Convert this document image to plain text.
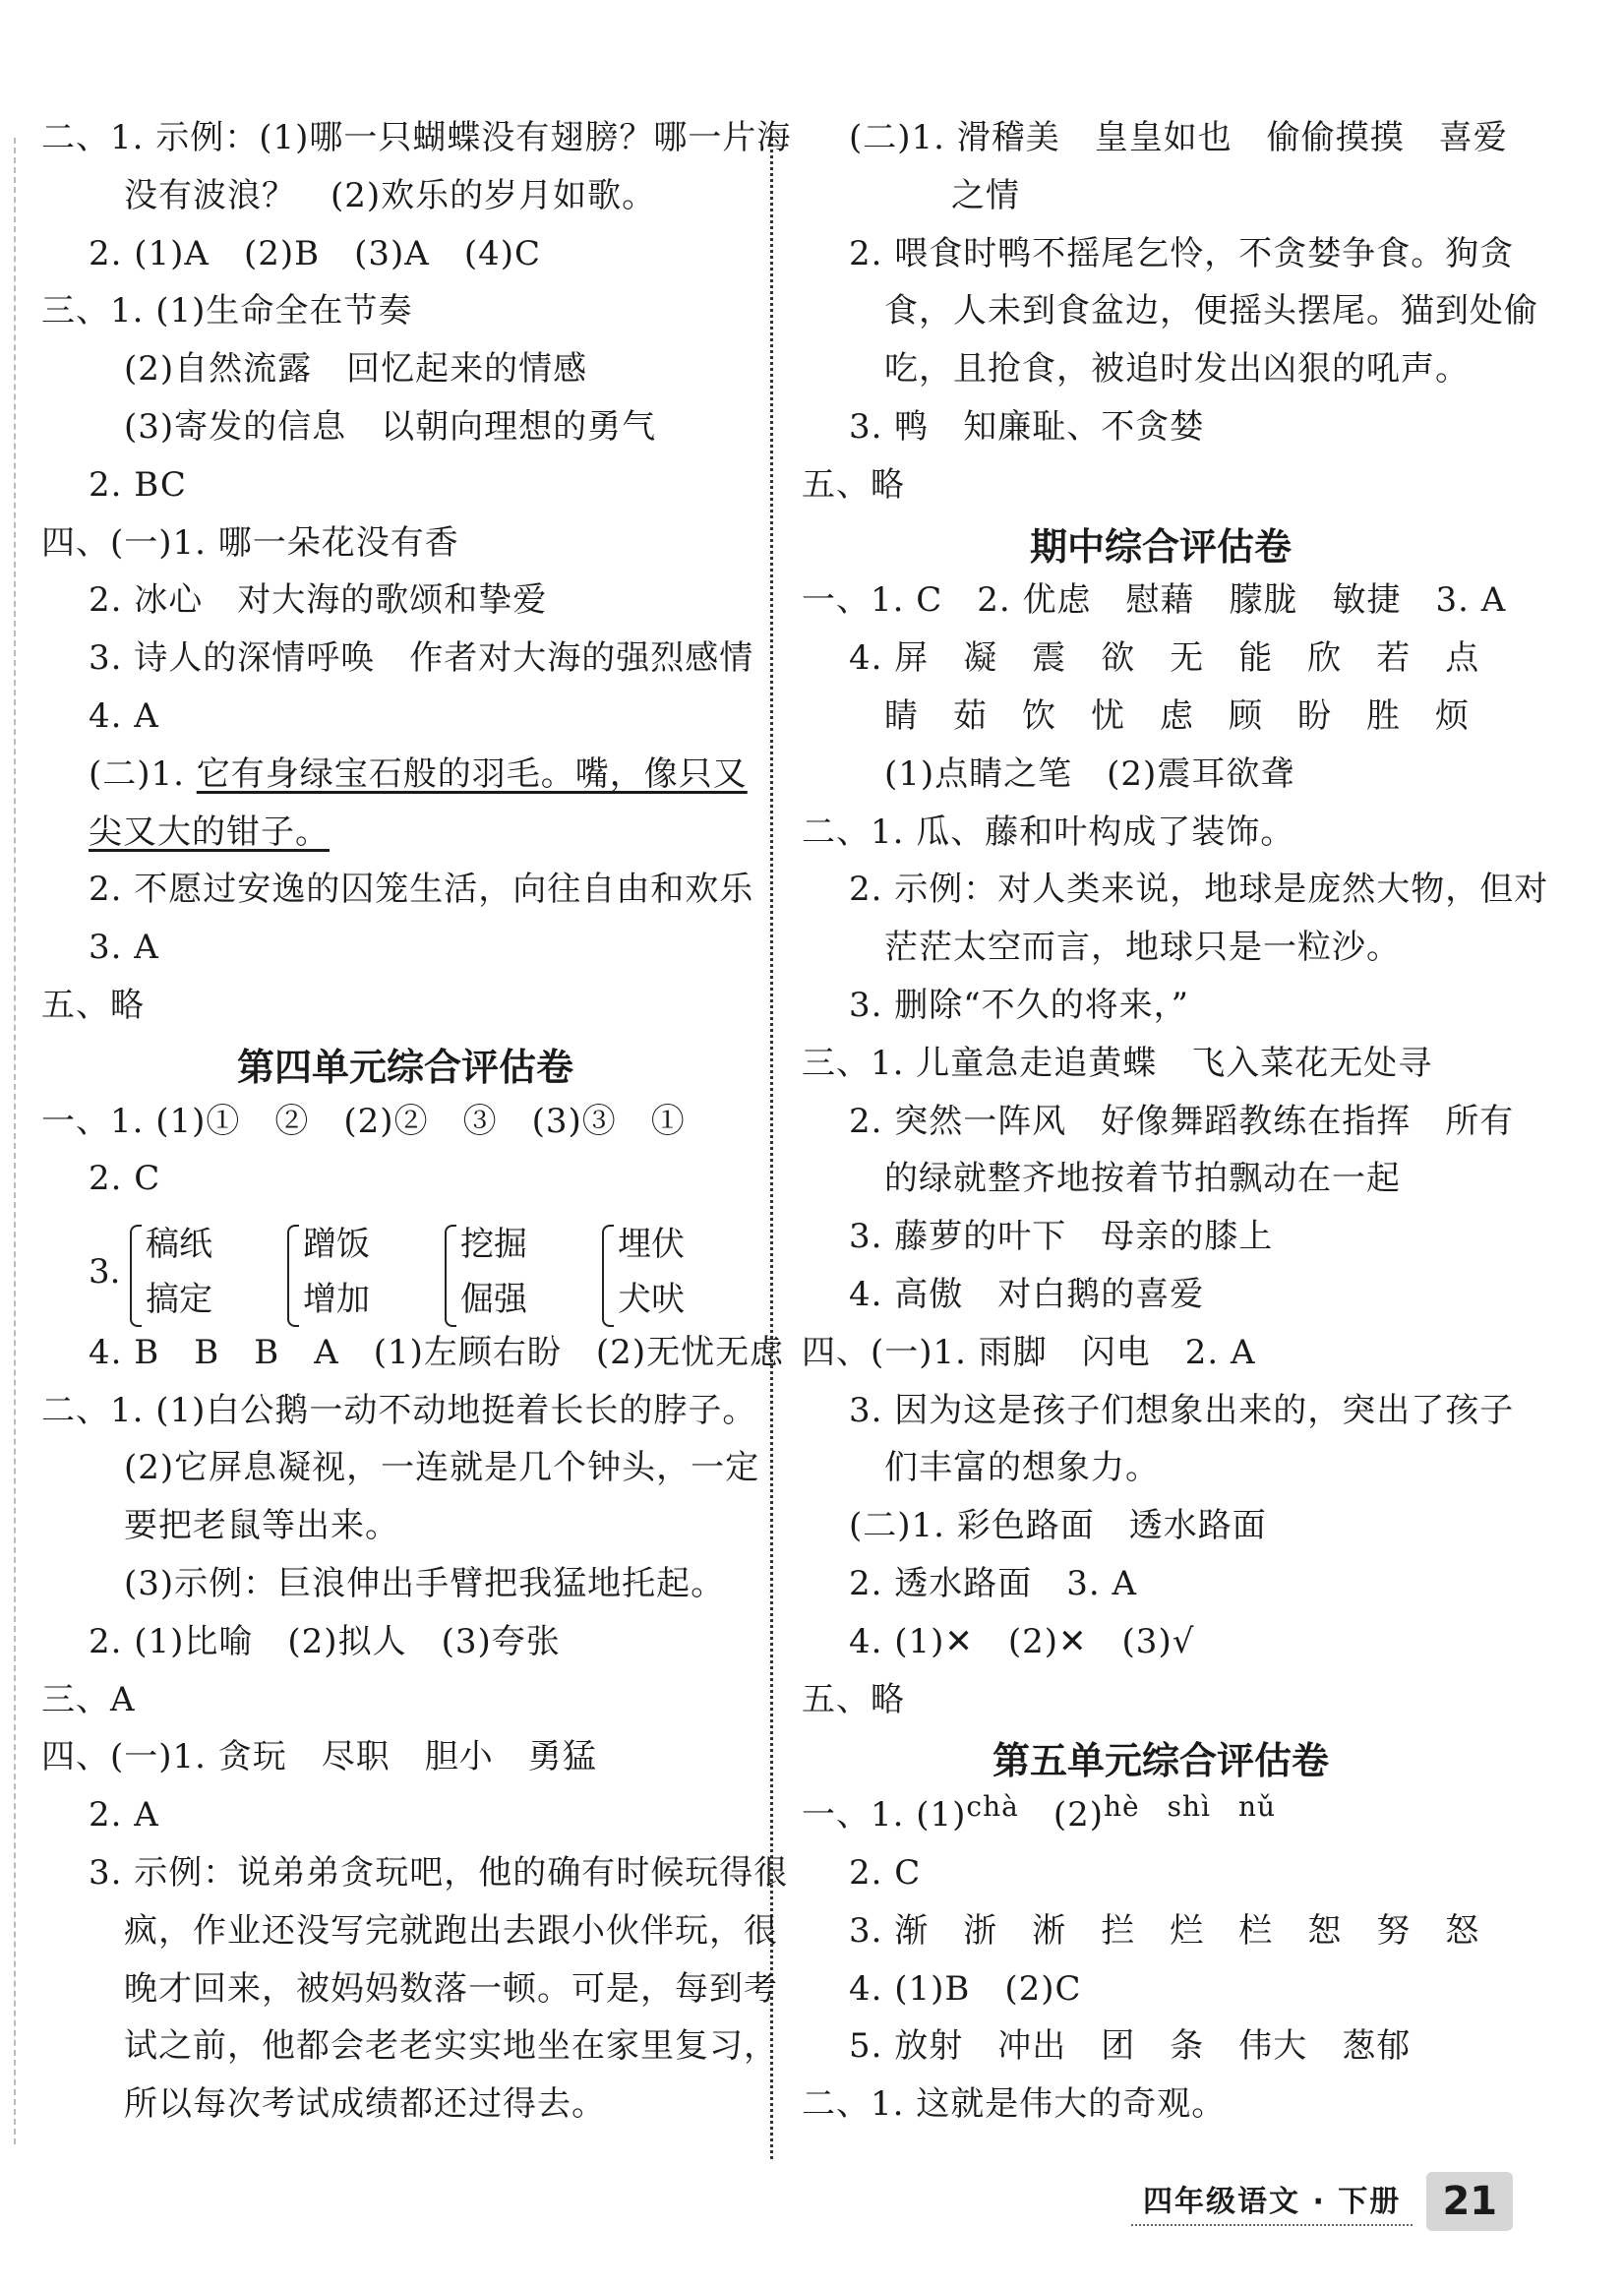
二、1. 示例：(1)哪一只蝴蝶没有翅膀？哪一片海
没有波浪？　(2)欢乐的岁月如歌。
2. (1)A　(2)B　(3)A　(4)C
三、1. (1)生命全在节奏
(2)自然流露　回忆起来的情感
(3)寄发的信息　以朝向理想的勇气
2. BC
四、(一)1. 哪一朵花没有香
2. 冰心　对大海的歌颂和挚爱
3. 诗人的深情呼唤　作者对大海的强烈感情
4. A
(二)1. 它有身绿宝石般的羽毛。嘴，像只又
尖又大的钳子。
2. 不愿过安逸的囚笼生活，向往自由和欢乐
3. A
五、略
第四单元综合评估卷
一、1. (1)①　②　(2)②　③　(3)③　①
2. C
3.
稿纸
搞定
蹭饭
增加
挖掘
倔强
埋伏
犬吠
4. B　B　B　A　(1)左顾右盼　(2)无忧无虑
二、1. (1)白公鹅一动不动地挺着长长的脖子。
(2)它屏息凝视，一连就是几个钟头，一定
要把老鼠等出来。
(3)示例：巨浪伸出手臂把我猛地托起。
2. (1)比喻　(2)拟人　(3)夸张
三、A
四、(一)1. 贪玩　尽职　胆小　勇猛
2. A
3. 示例：说弟弟贪玩吧，他的确有时候玩得很
疯，作业还没写完就跑出去跟小伙伴玩，很
晚才回来，被妈妈数落一顿。可是，每到考
试之前，他都会老老实实地坐在家里复习，
所以每次考试成绩都还过得去。
(二)1. 滑稽美　皇皇如也　偷偷摸摸　喜爱
之情
2. 喂食时鸭不摇尾乞怜，不贪婪争食。狗贪
食，人未到食盆边，便摇头摆尾。猫到处偷
吃，且抢食，被追时发出凶狠的吼声。
3. 鸭　知廉耻、不贪婪
五、略
期中综合评估卷
一、1. C　2. 优虑　慰藉　朦胧　敏捷　3. A
4. 屏　凝　震　欲　无　能　欣　若　点
睛　茹　饮　忧　虑　顾　盼　胜　烦
(1)点睛之笔　(2)震耳欲聋
二、1. 瓜、藤和叶构成了装饰。
2. 示例：对人类来说，地球是庞然大物，但对
茫茫太空而言，地球只是一粒沙。
3. 删除“不久的将来，”
三、1. 儿童急走追黄蝶　飞入菜花无处寻
2. 突然一阵风　好像舞蹈教练在指挥　所有
的绿就整齐地按着节拍飘动在一起
3. 藤萝的叶下　母亲的膝上
4. 高傲　对白鹅的喜爱
四、(一)1. 雨脚　闪电　2. A
3. 因为这是孩子们想象出来的，突出了孩子
们丰富的想象力。
(二)1. 彩色路面　透水路面
2. 透水路面　3. A
4. (1)✕　(2)✕　(3)√
五、略
第五单元综合评估卷
一、1. $(1)^{chà}$　$(2)^{hè}$ $^{shì}$ $^{nǔ}$
2. C
3. 渐　浙　淅　拦　烂　栏　恕　努　怒
4. (1)B　(2)C
5. 放射　冲出　团　条　伟大　葱郁
二、1. 这就是伟大的奇观。
四年级语文 · 下册	21
